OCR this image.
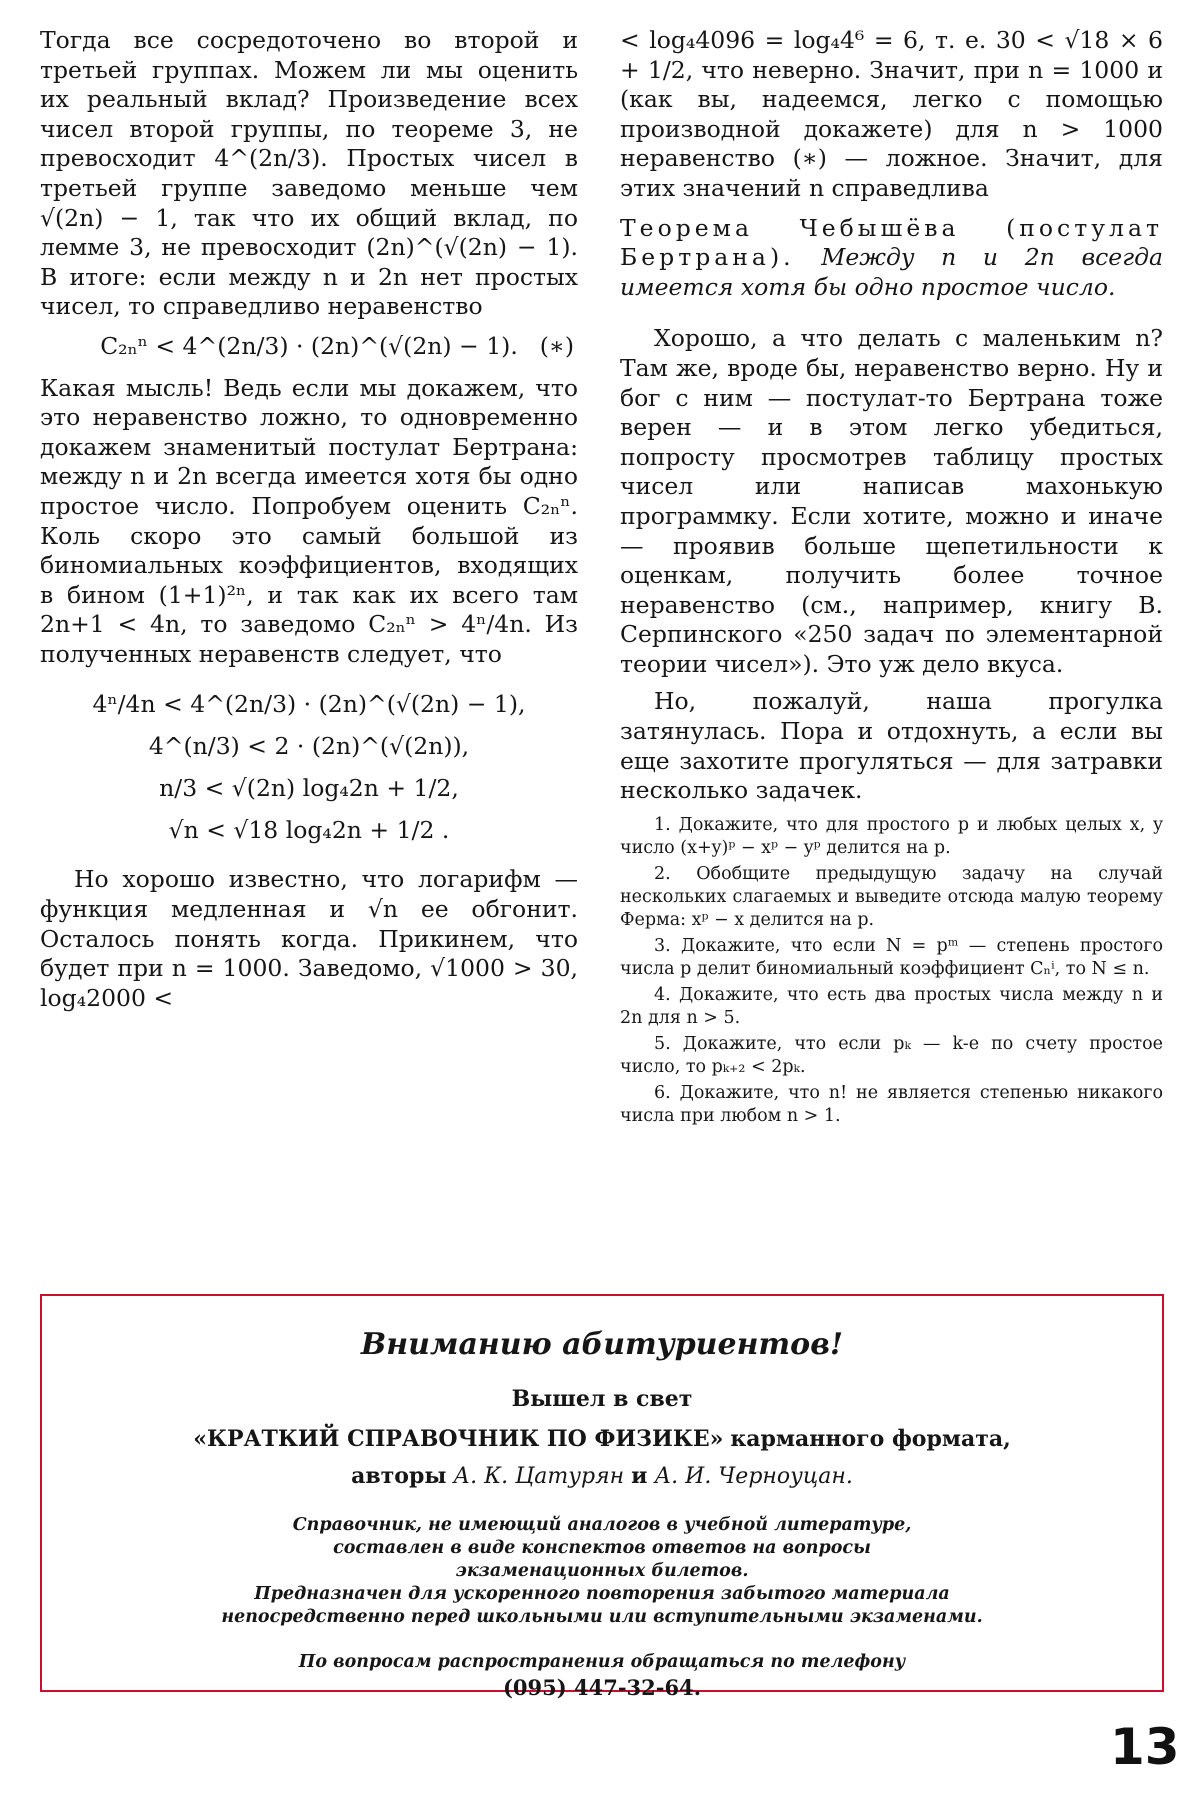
Тогда все сосредоточено во второй и третьей группах. Можем ли мы оценить их реальный вклад? Произведение всех чисел второй группы, по теореме 3, не превосходит 4^(2n/3). Простых чисел в третьей группе заведомо меньше чем √(2n) − 1, так что их общий вклад, по лемме 3, не превосходит (2n)^(√(2n) − 1). В итоге: если между n и 2n нет простых чисел, то справедливо неравенство

C₂ₙⁿ < 4^(2n/3) · (2n)^(√(2n) − 1). (∗)

Какая мысль! Ведь если мы докажем, что это неравенство ложно, то одновременно докажем знаменитый постулат Бертрана: между n и 2n всегда имеется хотя бы одно простое число. Попробуем оценить C₂ₙⁿ. Коль скоро это самый большой из биномиальных коэффициентов, входящих в бином (1+1)²ⁿ, и так как их всего там 2n+1 < 4n, то заведомо C₂ₙⁿ > 4ⁿ/4n. Из полученных неравенств следует, что

4ⁿ/4n < 4^(2n/3) · (2n)^(√(2n) − 1),
4^(n/3) < 2 · (2n)^(√(2n)),
n/3 < √(2n) log₄2n + 1/2,
√n < √18 log₄2n + 1/2 .

Но хорошо известно, что логарифм — функция медленная и √n ее обгонит. Осталось понять когда. Прикинем, что будет при n = 1000. Заведомо, √1000 > 30, log₄2000 <

< log₄4096 = log₄4⁶ = 6, т. е. 30 < √18 × 6 + 1/2, что неверно. Значит, при n = 1000 и (как вы, надеемся, легко с помощью производной докажете) для n > 1000 неравенство (∗) — ложное. Значит, для этих значений n справедлива

Теорема Чебышёва (постулат Бертрана). Между n и 2n всегда имеется хотя бы одно простое число.

Хорошо, а что делать с маленьким n? Там же, вроде бы, неравенство верно. Ну и бог с ним — постулат-то Бертрана тоже верен — и в этом легко убедиться, попросту просмотрев таблицу простых чисел или написав махонькую программку. Если хотите, можно и иначе — проявив больше щепетильности к оценкам, получить более точное неравенство (см., например, книгу В. Серпинского «250 задач по элементарной теории чисел»). Это уж дело вкуса.

Но, пожалуй, наша прогулка затянулась. Пора и отдохнуть, а если вы еще захотите прогуляться — для затравки несколько задачек.

1. Докажите, что для простого p и любых целых x, y число (x+y)ᵖ − xᵖ − yᵖ делится на p.

2. Обобщите предыдущую задачу на случай нескольких слагаемых и выведите отсюда малую теорему Ферма: xᵖ − x делится на p.

3. Докажите, что если N = pᵐ — степень простого числа p делит биномиальный коэффициент Cₙⁱ, то N ≤ n.

4. Докажите, что есть два простых числа между n и 2n для n > 5.

5. Докажите, что если pₖ — k-е по счету простое число, то pₖ₊₂ < 2pₖ.

6. Докажите, что n! не является степенью никакого числа при любом n > 1.

Вниманию абитуриентов!
Вышел в свет
«КРАТКИЙ СПРАВОЧНИК ПО ФИЗИКЕ» карманного формата,
авторы А. К. Цатурян и А. И. Черноуцан.
Справочник, не имеющий аналогов в учебной литературе,
составлен в виде конспектов ответов на вопросы
экзаменационных билетов.
Предназначен для ускоренного повторения забытого материала
непосредственно перед школьными или вступительными экзаменами.
По вопросам распространения обращаться по телефону
(095) 447-32-64.
13
